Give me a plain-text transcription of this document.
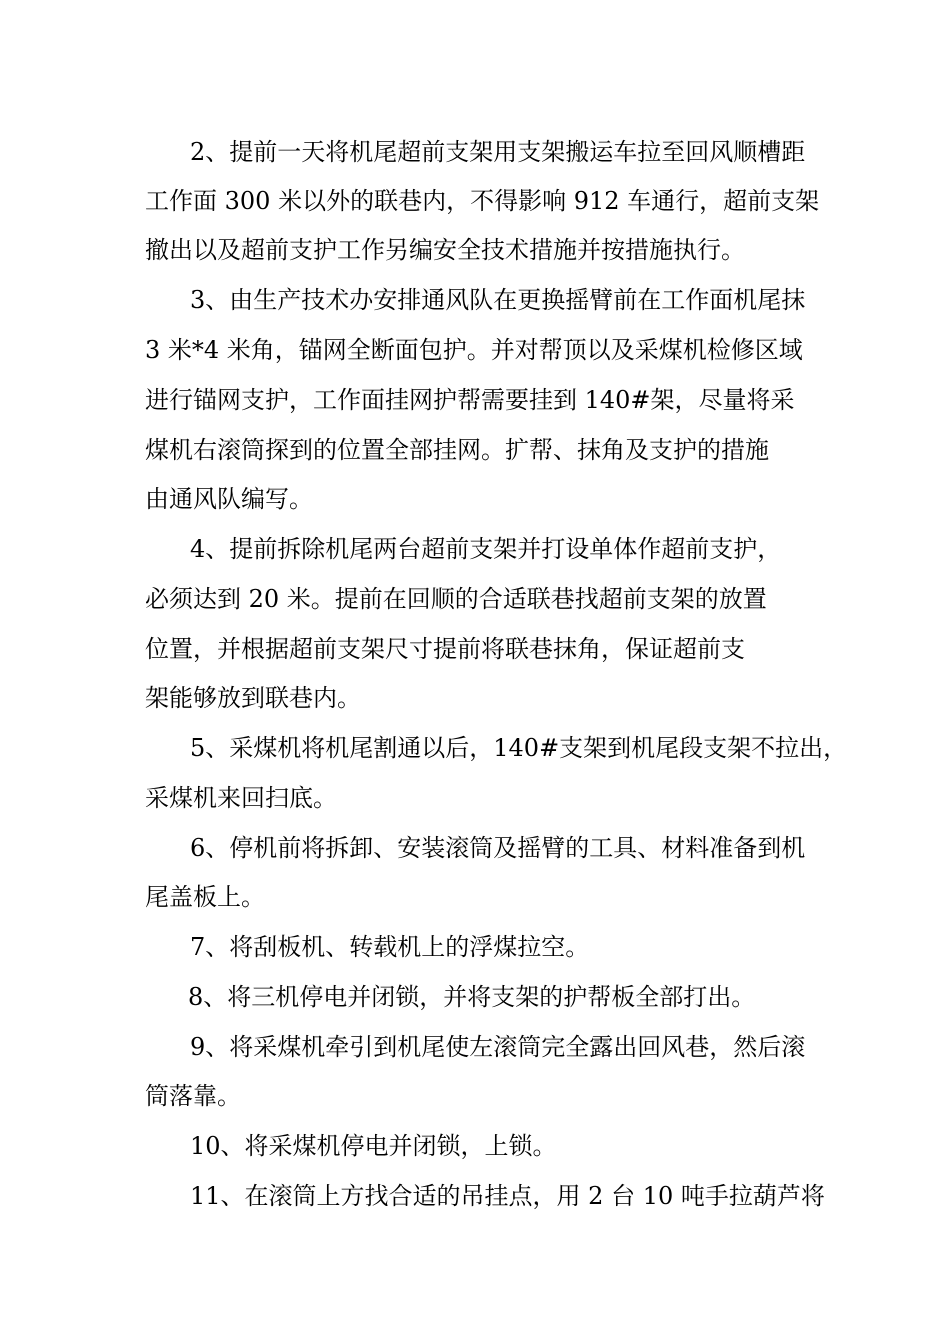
2、提前一天将机尾超前支架用支架搬运车拉至回风顺槽距

工作面 300 米以外的联巷内，不得影响 912 车通行，超前支架

撤出以及超前支护工作另编安全技术措施并按措施执行。

3、由生产技术办安排通风队在更换摇臂前在工作面机尾抹

3 米*4 米角，锚网全断面包护。并对帮顶以及采煤机检修区域

进行锚网支护，工作面挂网护帮需要挂到 140#架，尽量将采

煤机右滚筒探到的位置全部挂网。扩帮、抹角及支护的措施

由通风队编写。

4、提前拆除机尾两台超前支架并打设单体作超前支护，

必须达到 20 米。提前在回顺的合适联巷找超前支架的放置

位置，并根据超前支架尺寸提前将联巷抹角，保证超前支

架能够放到联巷内。

5、采煤机将机尾割通以后，140#支架到机尾段支架不拉出，

采煤机来回扫底。

6、停机前将拆卸、安装滚筒及摇臂的工具、材料准备到机

尾盖板上。

7、将刮板机、转载机上的浮煤拉空。

8、将三机停电并闭锁，并将支架的护帮板全部打出。

9、将采煤机牵引到机尾使左滚筒完全露出回风巷，然后滚

筒落靠。

10、将采煤机停电并闭锁，上锁。

11、在滚筒上方找合适的吊挂点，用 2 台 10 吨手拉葫芦将
